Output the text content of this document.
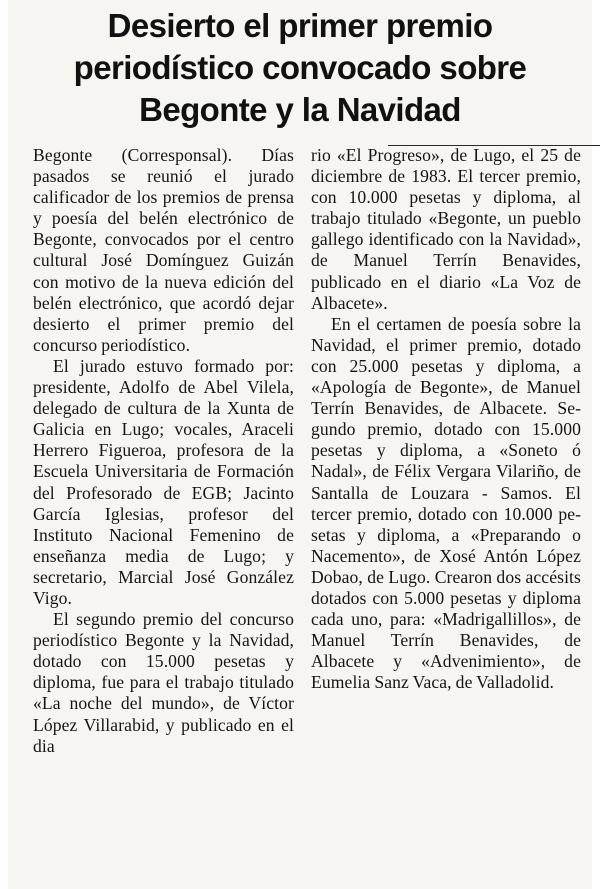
Desierto el primer premio
periodístico convocado sobre
Begonte y la Navidad

Begonte (Corresponsal). Días pasados se reunió el jurado calificador de los premios de prensa y poesía del belén electrónico de Begonte, convocados por el centro cultural José Domínguez Guizán con motivo de la nueva edición del belén electrónico, que acordó dejar desierto el primer premio del concurso periodístico.

El jurado estuvo formado por: presidente, Adolfo de Abel Vilela, delegado de cultura de la Xunta de Galicia en Lugo; vocales, Araceli Herrero Figueroa, profesora de la Escuela Universitaria de Formación del Profesorado de EGB; Jacinto García Iglesias, profesor del Instituto Nacional Femenino de enseñanza media de Lugo; y secretario, Marcial José González Vigo.

El segundo premio del concurso periodístico Begonte y la Navidad, dotado con 15.000 pesetas y diploma, fue para el trabajo titulado «La noche del mundo», de Víctor López Villarabid, y publicado en el dia

rio «El Progreso», de Lugo, el 25 de diciembre de 1983. El tercer premio, con 10.000 pesetas y diploma, al trabajo titulado «Begonte, un pueblo gallego identificado con la Navidad», de Manuel Terrín Benavides, publicado en el diario «La Voz de Albacete».

En el certamen de poesía sobre la Navidad, el primer premio, dotado con 25.000 pesetas y diploma, a «Apología de Begonte», de Manuel Terrín Benavides, de Albacete. Segundo premio, dotado con 15.000 pesetas y diploma, a «Soneto ó Nadal», de Félix Vergara Vilariño, de Santalla de Louzara - Samos. El tercer premio, dotado con 10.000 pesetas y diploma, a «Preparando o Nacemento», de Xosé Antón López Dobao, de Lugo. Crearon dos accésits dotados con 5.000 pesetas y diploma cada uno, para: «Madrigallillos», de Manuel Terrín Benavides, de Albacete y «Advenimiento», de Eumelia Sanz Vaca, de Valladolid.
